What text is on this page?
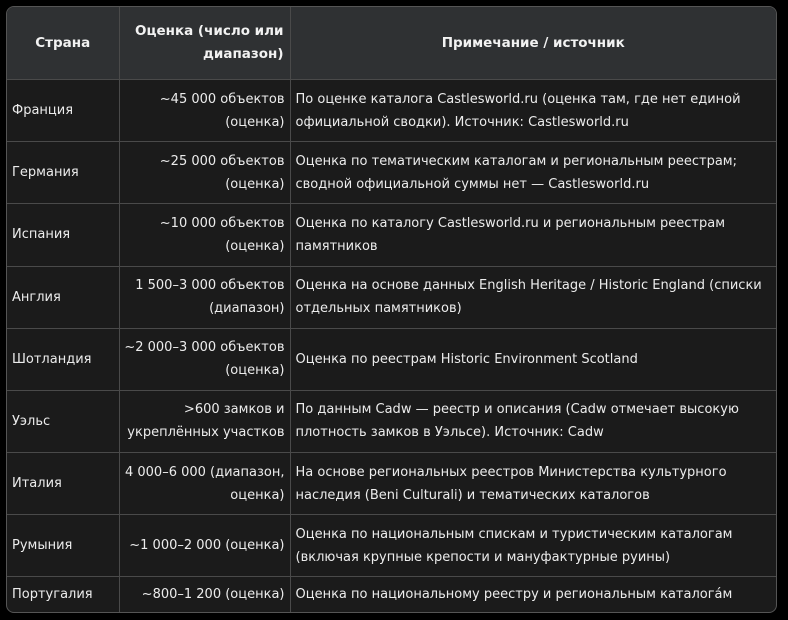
Страна	Оценка (число или диапазон)	Примечание / источник
Франция	~45 000 объектов (оценка)	По оценке каталога Castlesworld.ru (оценка там, где нет единой официальной сводки). Источник: Castlesworld.ru
Германия	~25 000 объектов (оценка)	Оценка по тематическим каталогам и региональным реестрам; сводной официальной суммы нет — Castlesworld.ru
Испания	~10 000 объектов (оценка)	Оценка по каталогу Castlesworld.ru и региональным реестрам памятников
Англия	1 500–3 000 объектов (диапазон)	Оценка на основе данных English Heritage / Historic England (списки отдельных памятников)
Шотландия	~2 000–3 000 объектов (оценка)	Оценка по реестрам Historic Environment Scotland
Уэльс	>600 замков и укреплённых участков	По данным Cadw — реестр и описания (Cadw отмечает высокую плотность замков в Уэльсе). Источник: Cadw
Италия	4 000–6 000 (диапазон, оценка)	На основе региональных реестров Министерства культурного наследия (Beni Culturali) и тематических каталогов
Румыния	~1 000–2 000 (оценка)	Оценка по национальным спискам и туристическим каталогам (включая крупные крепости и мануфактурные руины)
Португалия	~800–1 200 (оценка)	Оценка по национальному реестру и региональным каталога́м
